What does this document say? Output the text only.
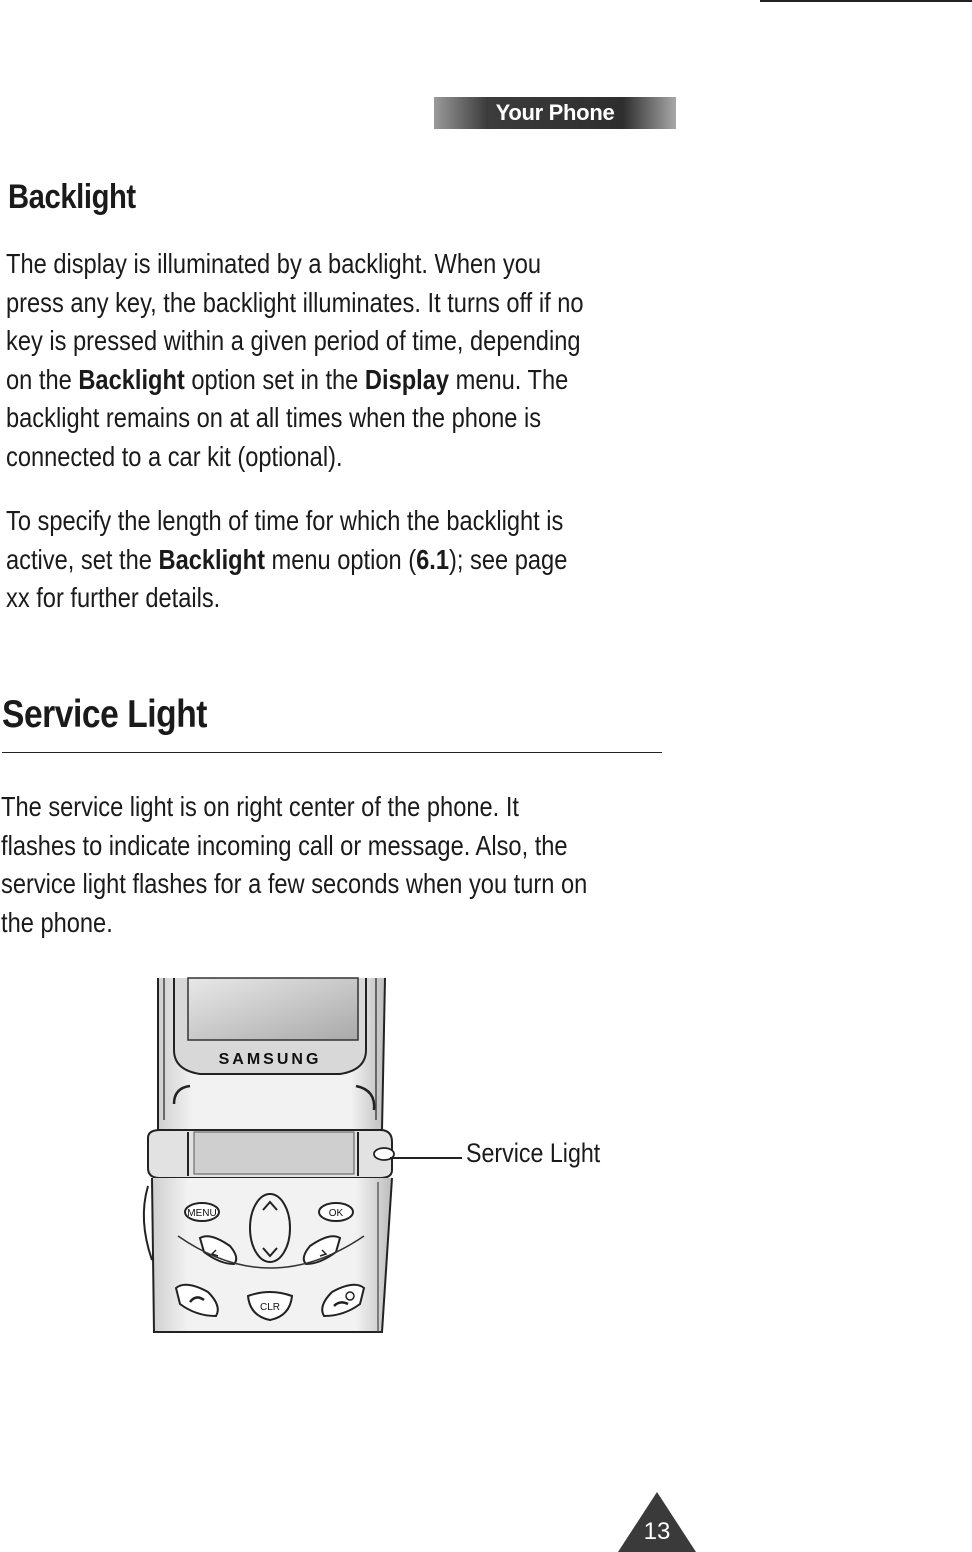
Your Phone
Backlight
The display is illuminated by a backlight. When you
press any key, the backlight illuminates. It turns off if no
key is pressed within a given period of time, depending
on the Backlight option set in the Display menu. The
backlight remains on at all times when the phone is
connected to a car kit (optional).
To specify the length of time for which the backlight is
active, set the Backlight menu option (6.1); see page
xx for further details.
Service Light
The service light is on right center of the phone. It
flashes to indicate incoming call or message. Also, the
service light flashes for a few seconds when you turn on
the phone.
SAMSUNG
MENU	OK
CLR
Service Light
13
